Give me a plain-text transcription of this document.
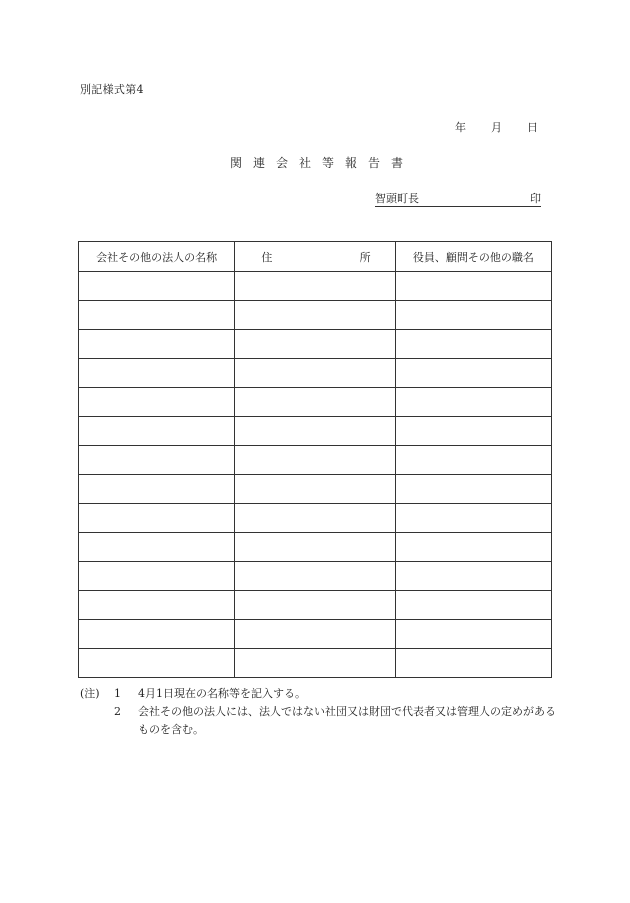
別記様式第4
年	月	日
関連会社等報告書
智頭町長	印
会社その他の法人の名称	住 所	役員、顧問その他の職名

(注)	1	4月1日現在の名称等を記入する。
2	会社その他の法人には、法人ではない社団又は財団で代表者又は管理人の定めがあるものを含む。
